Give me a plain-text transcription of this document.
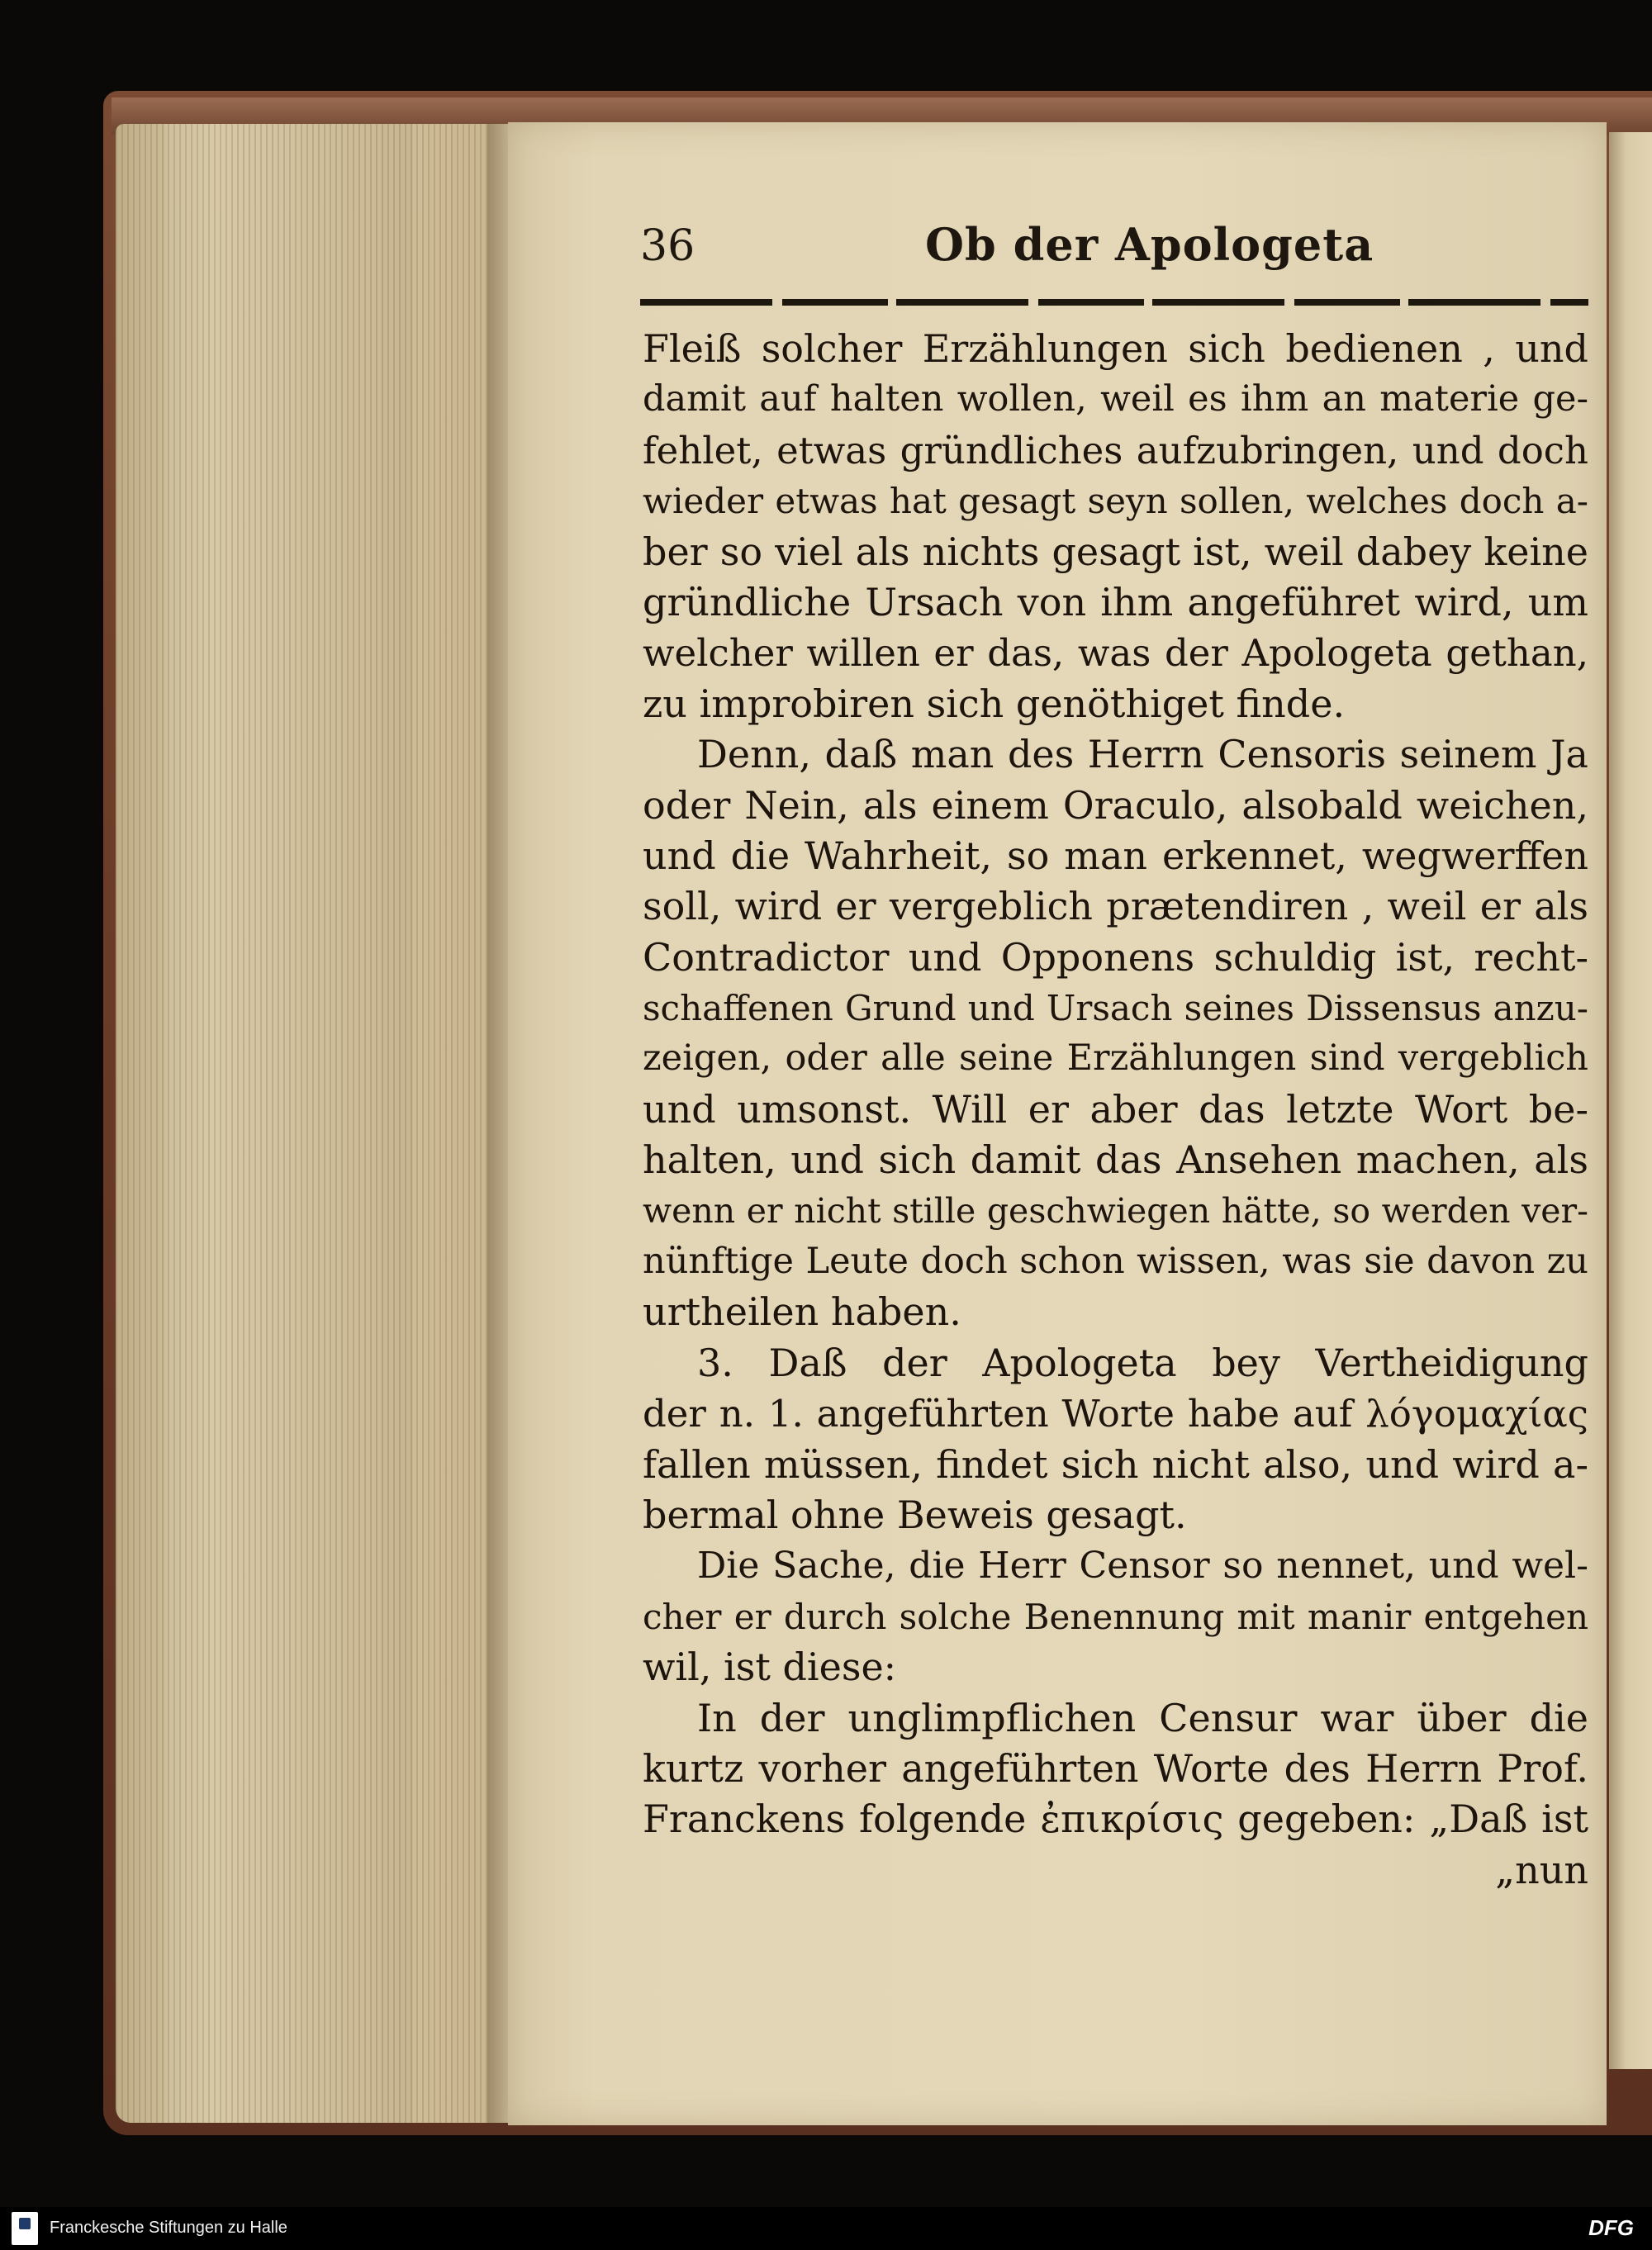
36	Ob der Apologeta
Fleiß solcher Erzählungen sich bedienen , und
damit auf halten wollen, weil es ihm an materie ge-
fehlet, etwas gründliches aufzubringen, und doch
wieder etwas hat gesagt seyn sollen, welches doch a-
ber so viel als nichts gesagt ist, weil dabey keine
gründliche Ursach von ihm angeführet wird, um
welcher willen er das, was der Apologeta gethan,
zu improbiren sich genöthiget finde.
Denn, daß man des Herrn Censoris seinem Ja
oder Nein, als einem Oraculo, alsobald weichen,
und die Wahrheit, so man erkennet, wegwerffen
soll, wird er vergeblich prætendiren , weil er als
Contradictor und Opponens schuldig ist, recht-
schaffenen Grund und Ursach seines Dissensus anzu-
zeigen, oder alle seine Erzählungen sind vergeblich
und umsonst. Will er aber das letzte Wort be-
halten, und sich damit das Ansehen machen, als
wenn er nicht stille geschwiegen hätte, so werden ver-
nünftige Leute doch schon wissen, was sie davon zu
urtheilen haben.
3. Daß der Apologeta bey Vertheidigung
der n. 1. angeführten Worte habe auf λόγομαχίας
fallen müssen, findet sich nicht also, und wird a-
bermal ohne Beweis gesagt.
Die Sache, die Herr Censor so nennet, und wel-
cher er durch solche Benennung mit manir entgehen
wil, ist diese:
In der unglimpflichen Censur war über die
kurtz vorher angeführten Worte des Herrn Prof.
Franckens folgende ἐπικρίσις gegeben: „Daß ist
„nun
Franckesche Stiftungen zu Halle	DFG
